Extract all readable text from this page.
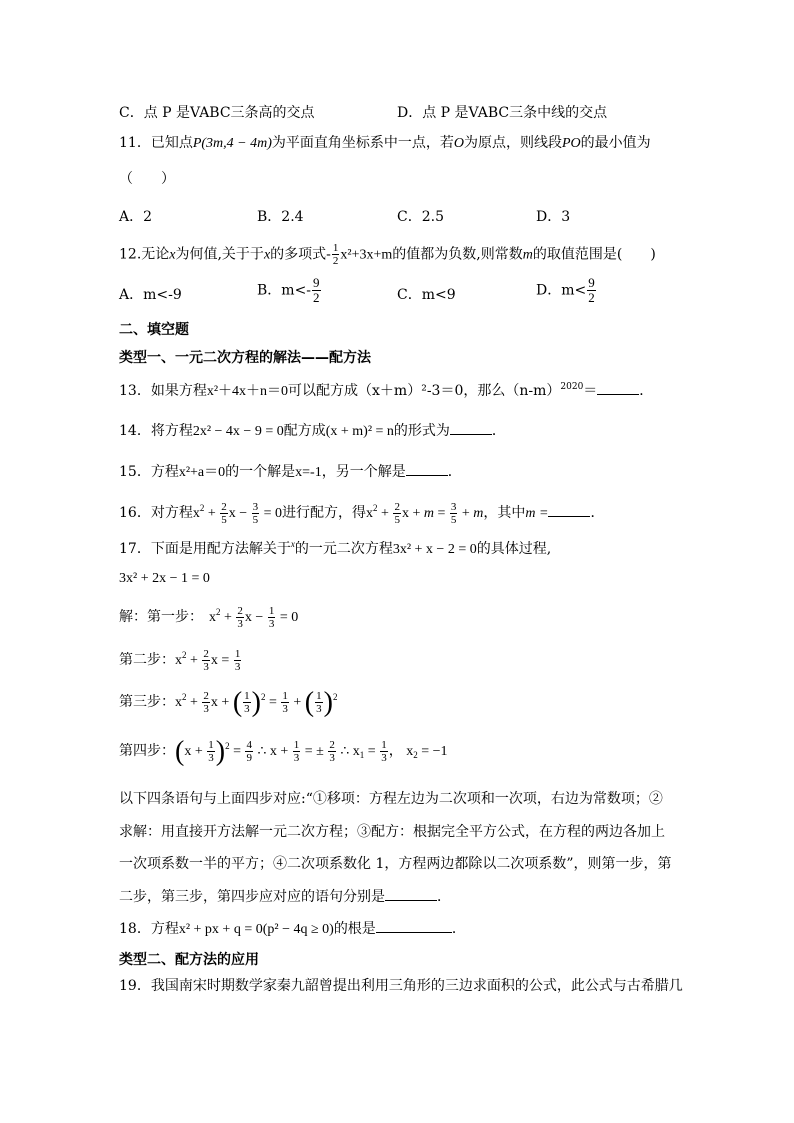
C．点 P 是VABC三条高的交点	D．点 P 是VABC三条中线的交点
11．已知点P(3m,4 − 4m)为平面直角坐标系中一点，若O为原点，则线段PO的最小值为
（　　）
A．2	B．2.4	C．2.5	D．3
12.无论x为何值,关于于x的多项式- $\frac{1}{2} x^2+3x+m$的值都为负数,则常数m的取值范围是(　　)
A．m<-9	B．$m<- \frac{9}{2}$	C．m<9	D．$m< \frac{9}{2}$
二、填空题
类型一、一元二次方程的解法——配方法
13．如果方程x²＋4x＋n＝0可以配方成（x＋m）²-3＝0，那么$(n-m)^{2020}=$	．
14．将方程2x² − 4x − 9 = 0配方成(x + m)² = n的形式为	．
15．方程x²+a＝0的一个解是x=-1，另一个解是	．
16．对方程$x^2 + \frac{2}{5}$ $x - \frac{3}{5} = 0$进行配方，得$x^2 + \frac{2}{5}$ $x + m = \frac{3}{5} + m$，其中m =	．
17．下面是用配方法解关于$^x$的一元二次方程3x² + x − 2 = 0的具体过程,
3x² + 2x − 1 = 0
解：第一步： $x^2 + \frac{2}{3}$ $x - \frac{1}{3} = 0$
第二步：$x^2 + \frac{2}{3}$ $x = \frac{1}{3}$
第三步：$x^2 + \frac{2}{3}$ x + ( $\frac{1}{3} )^2 = \frac{1}{3}$ + ( $\frac{1}{3} )^2$
第四步：$(x + \frac{1}{3} )^2 = \frac{4}{9}$ ∴ $x + \frac{1}{3}$ = ± $\frac{2}{3}$ ∴ $x_1 = \frac{1}{3}$ ， $x_2 = -1$
以下四条语句与上面四步对应:“①移项：方程左边为二次项和一次项，右边为常数项；②
求解：用直接开方法解一元二次方程；③配方：根据完全平方公式，在方程的两边各加上
一次项系数一半的平方；④二次项系数化 1，方程两边都除以二次项系数”，则第一步，第
二步，第三步，第四步应对应的语句分别是	．
18．方程x² + px + q = 0(p² − 4q ≥ 0)的根是	．
类型二、配方法的应用
19．我国南宋时期数学家秦九韶曾提出利用三角形的三边求面积的公式，此公式与古希腊几
